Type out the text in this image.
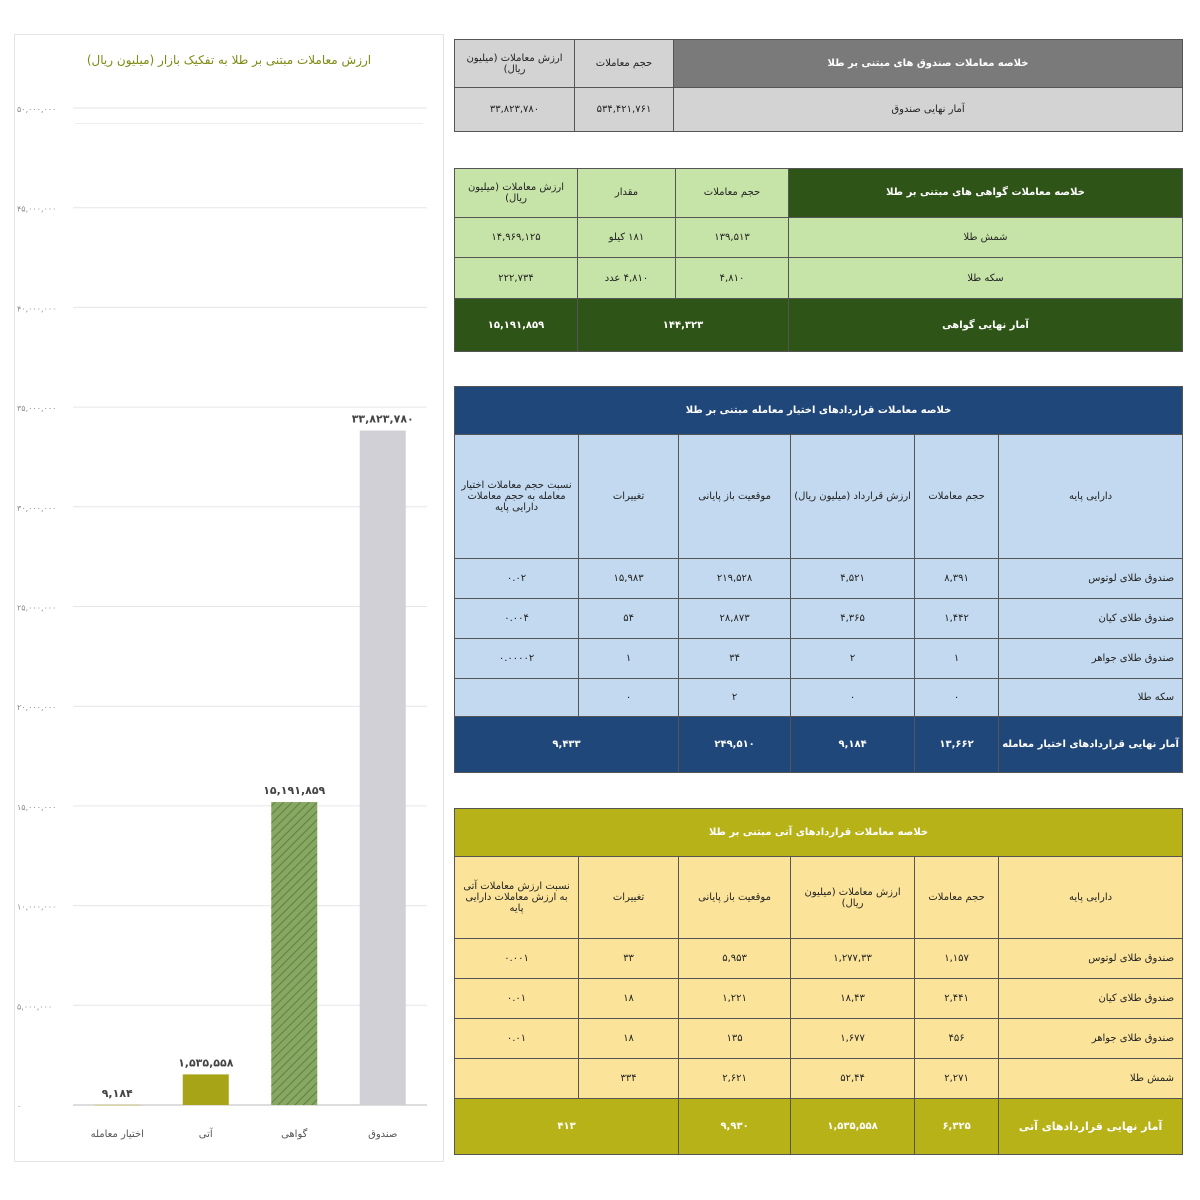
ارزش معاملات مبتنی بر طلا به تفکیک بازار (میلیون ریال)
۰
۵,۰۰۰,۰۰۰
۱۰,۰۰۰,۰۰۰
۱۵,۰۰۰,۰۰۰
۲۰,۰۰۰,۰۰۰
۲۵,۰۰۰,۰۰۰
۳۰,۰۰۰,۰۰۰
۳۵,۰۰۰,۰۰۰
۴۰,۰۰۰,۰۰۰
۴۵,۰۰۰,۰۰۰
۵۰,۰۰۰,۰۰۰
۳۳,۸۲۳,۷۸۰
صندوق
۱۵,۱۹۱,۸۵۹
گواهی
۱,۵۳۵,۵۵۸
آتی
۹,۱۸۴
اختیار معامله
خلاصه معاملات صندوق های مبتنی بر طلا	حجم معاملات	ارزش معاملات (میلیون ریال)
آمار نهایی صندوق	۵۳۴,۴۲۱,۷۶۱	۳۳,۸۲۳,۷۸۰
خلاصه معاملات گواهی های مبتنی بر طلا	حجم معاملات	مقدار	ارزش معاملات (میلیون ریال)
شمش طلا	۱۳۹,۵۱۳	۱۸۱ کیلو	۱۴,۹۶۹,۱۲۵
سکه طلا	۴,۸۱۰	۴,۸۱۰ عدد	۲۲۲,۷۳۴
آمار نهایی گواهی	۱۴۴,۳۲۳		۱۵,۱۹۱,۸۵۹
خلاصه معاملات قراردادهای اختیار معامله مبتنی بر طلا					
دارایی پایه	حجم معاملات	ارزش قرارداد (میلیون ریال)	موقعیت باز پایانی	تغییرات	نسبت حجم معاملات اختیار معامله به حجم معاملات دارایی پایه
صندوق طلای لوتوس	۸,۳۹۱	۴,۵۲۱	۲۱۹,۵۲۸	۱۵,۹۸۳	۰.۰۲
صندوق طلای کیان	۱,۴۴۲	۴,۳۶۵	۲۸,۸۷۳	۵۴	۰.۰۰۴
صندوق طلای جواهر	۱	۲	۳۴	۱	۰.۰۰۰۰۲
سکه طلا	۰	۰	۲	۰	
آمار نهایی قراردادهای اختیار معامله	۱۳,۶۶۲	۹,۱۸۴	۲۴۹,۵۱۰	۹,۴۳۳	
خلاصه معاملات قراردادهای آتی مبتنی بر طلا					
دارایی پایه	حجم معاملات	ارزش معاملات (میلیون ریال)	موقعیت باز پایانی	تغییرات	نسبت ارزش معاملات آتی به ارزش معاملات دارایی پایه
صندوق طلای لوتوس	۱,۱۵۷	۱,۲۷۷,۳۳	۵,۹۵۳	۳۳	۰.۰۰۱
صندوق طلای کیان	۲,۴۴۱	۱۸,۴۳	۱,۲۲۱	۱۸	۰.۰۱
صندوق طلای جواهر	۴۵۶	۱,۶۷۷	۱۳۵	۱۸	۰.۰۱
شمش طلا	۲,۲۷۱	۵۲,۴۴	۲,۶۲۱	۳۳۴	
آمار نهایی قراردادهای آتی	۶,۳۲۵	۱,۵۳۵,۵۵۸	۹,۹۳۰	۴۱۳	
